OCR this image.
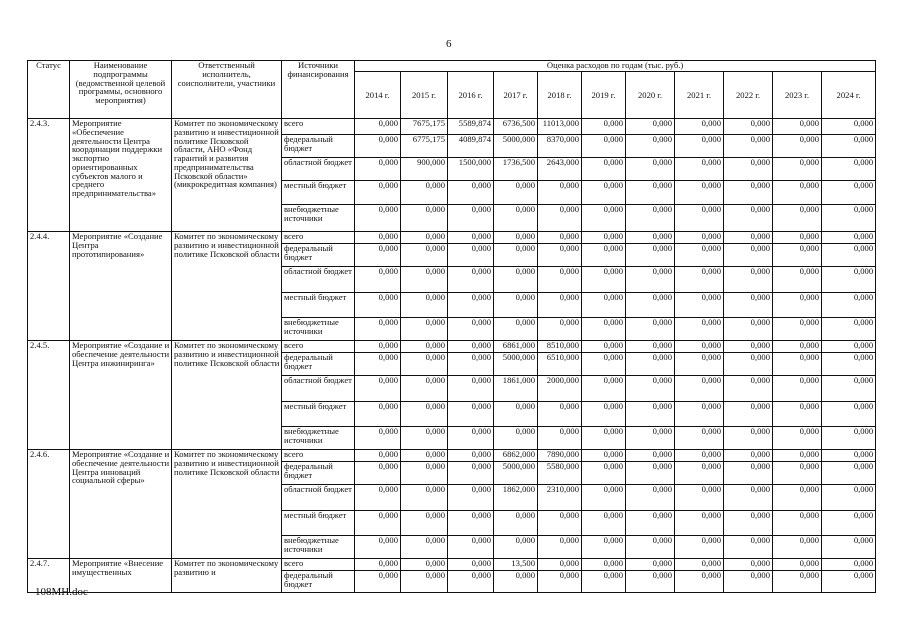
6
Статус	Наименование подпрограммы (ведомственной целевой программы, основного мероприятия)	Ответственный исполнитель, соисполнители, участники	Источники финансирования	Оценка расходов по годам (тыс. руб.)										
				2014 г.	2015 г.	2016 г.	2017 г.	2018 г.	2019 г.	2020 г.	2021 г.	2022 г.	2023 г.	2024 г.
2.4.3.	Мероприятие «Обеспечение деятельности Центра координации поддержки экспортно ориентированных субъектов малого и среднего предпринимательства»	Комитет по экономическому развитию и инвестиционной политике Псковской области, АНО «Фонд гарантий и развития предпринимательства Псковской области» (микрокредитная компания)	всего	0,000	7675,175	5589,874	6736,500	11013,000	0,000	0,000	0,000	0,000	0,000	0,000
			федеральный бюджет	0,000	6775,175	4089,874	5000,000	8370,000	0,000	0,000	0,000	0,000	0,000	0,000
			областной бюджет	0,000	900,000	1500,000	1736,500	2643,000	0,000	0,000	0,000	0,000	0,000	0,000
			местный бюджет	0,000	0,000	0,000	0,000	0,000	0,000	0,000	0,000	0,000	0,000	0,000
			внебюджетные источники	0,000	0,000	0,000	0,000	0,000	0,000	0,000	0,000	0,000	0,000	0,000
2.4.4.	Мероприятие «Создание Центра прототипирования»	Комитет по экономическому развитию и инвестиционной политике Псковской области	всего	0,000	0,000	0,000	0,000	0,000	0,000	0,000	0,000	0,000	0,000	0,000
			федеральный бюджет	0,000	0,000	0,000	0,000	0,000	0,000	0,000	0,000	0,000	0,000	0,000
			областной бюджет	0,000	0,000	0,000	0,000	0,000	0,000	0,000	0,000	0,000	0,000	0,000
			местный бюджет	0,000	0,000	0,000	0,000	0,000	0,000	0,000	0,000	0,000	0,000	0,000
			внебюджетные источники	0,000	0,000	0,000	0,000	0,000	0,000	0,000	0,000	0,000	0,000	0,000
2.4.5.	Мероприятие «Создание и обеспечение деятельности Центра инжиниринга»	Комитет по экономическому развитию и инвестиционной политике Псковской области	всего	0,000	0,000	0,000	6861,000	8510,000	0,000	0,000	0,000	0,000	0,000	0,000
			федеральный бюджет	0,000	0,000	0,000	5000,000	6510,000	0,000	0,000	0,000	0,000	0,000	0,000
			областной бюджет	0,000	0,000	0,000	1861,000	2000,000	0,000	0,000	0,000	0,000	0,000	0,000
			местный бюджет	0,000	0,000	0,000	0,000	0,000	0,000	0,000	0,000	0,000	0,000	0,000
			внебюджетные источники	0,000	0,000	0,000	0,000	0,000	0,000	0,000	0,000	0,000	0,000	0,000
2.4.6.	Мероприятие «Создание и обеспечение деятельности Центра инноваций социальной сферы»	Комитет по экономическому развитию и инвестиционной политике Псковской области	всего	0,000	0,000	0,000	6862,000	7890,000	0,000	0,000	0,000	0,000	0,000	0,000
			федеральный бюджет	0,000	0,000	0,000	5000,000	5580,000	0,000	0,000	0,000	0,000	0,000	0,000
			областной бюджет	0,000	0,000	0,000	1862,000	2310,000	0,000	0,000	0,000	0,000	0,000	0,000
			местный бюджет	0,000	0,000	0,000	0,000	0,000	0,000	0,000	0,000	0,000	0,000	0,000
			внебюджетные источники	0,000	0,000	0,000	0,000	0,000	0,000	0,000	0,000	0,000	0,000	0,000
2.4.7.	Мероприятие «Внесение имущественных	Комитет по экономическому развитию и	всего	0,000	0,000	0,000	13,500	0,000	0,000	0,000	0,000	0,000	0,000	0,000
			федеральный бюджет	0,000	0,000	0,000	0,000	0,000	0,000	0,000	0,000	0,000	0,000	0,000
108МН.doc
